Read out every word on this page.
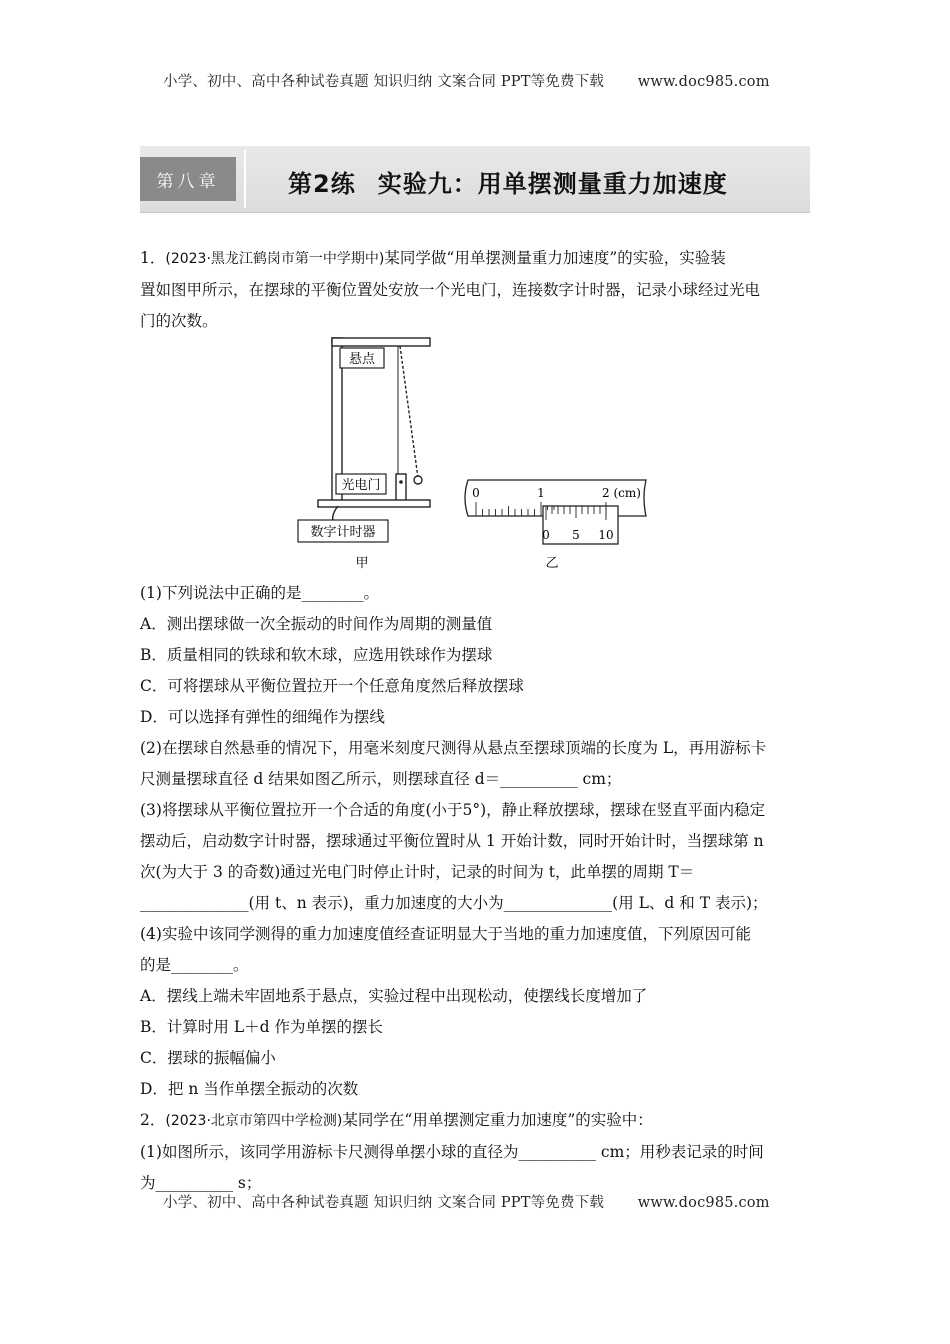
小学、初中、高中各种试卷真题 知识归纳 文案合同 PPT等免费下载 www.doc985.com
第八章	第2练 实验九：用单摆测量重力加速度

1．(2023·黑龙江鹤岗市第一中学期中)某同学做“用单摆测量重力加速度”的实验，实验装

置如图甲所示，在摆球的平衡位置处安放一个光电门，连接数字计时器，记录小球经过光电

门的次数。

悬点
光电门
数字计时器
甲
0	1	2 (cm)
0 5 10
乙

(1)下列说法中正确的是________。

A．测出摆球做一次全振动的时间作为周期的测量值

B．质量相同的铁球和软木球，应选用铁球作为摆球

C．可将摆球从平衡位置拉开一个任意角度然后释放摆球

D．可以选择有弹性的细绳作为摆线

(2)在摆球自然悬垂的情况下，用毫米刻度尺测得从悬点至摆球顶端的长度为 L，再用游标卡

尺测量摆球直径 d 结果如图乙所示，则摆球直径 d＝__________ cm；

(3)将摆球从平衡位置拉开一个合适的角度(小于5°)，静止释放摆球，摆球在竖直平面内稳定

摆动后，启动数字计时器，摆球通过平衡位置时从 1 开始计数，同时开始计时，当摆球第 n

次(为大于 3 的奇数)通过光电门时停止计时，记录的时间为 t，此单摆的周期 T＝

______________(用 t、n 表示)，重力加速度的大小为______________(用 L、d 和 T 表示)；

(4)实验中该同学测得的重力加速度值经查证明显大于当地的重力加速度值，下列原因可能

的是________。

A．摆线上端未牢固地系于悬点，实验过程中出现松动，使摆线长度增加了

B．计算时用 L＋d 作为单摆的摆长

C．摆球的振幅偏小

D．把 n 当作单摆全振动的次数

2．(2023·北京市第四中学检测)某同学在“用单摆测定重力加速度”的实验中：

(1)如图所示，该同学用游标卡尺测得单摆小球的直径为__________ cm；用秒表记录的时间

为__________ s；

小学、初中、高中各种试卷真题 知识归纳 文案合同 PPT等免费下载 www.doc985.com
